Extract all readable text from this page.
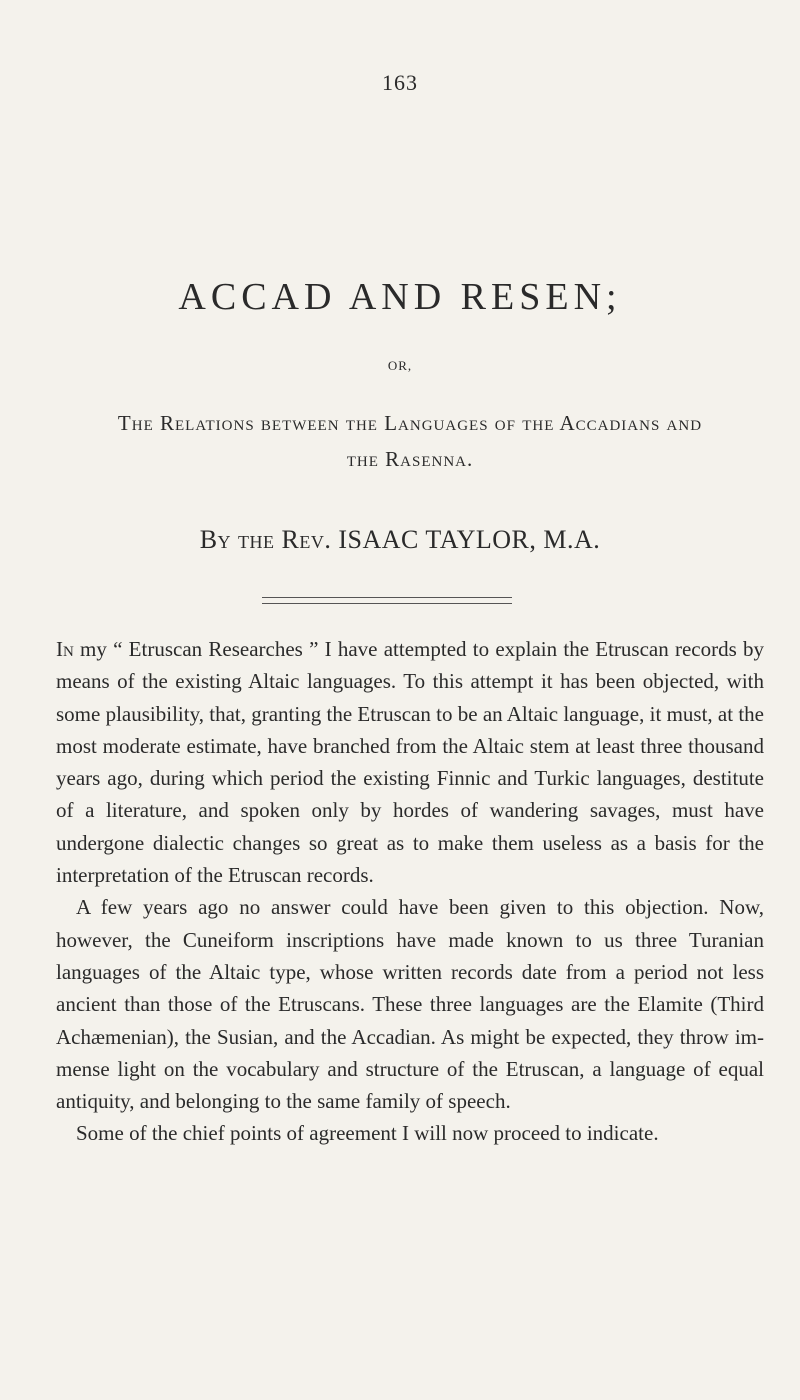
163
ACCAD AND RESEN;
OR,
The Relations between the Languages of the Accadians and
the Rasenna.
By the Rev. ISAAC TAYLOR, M.A.

In my “ Etruscan Researches ” I have attempted to explain the Etruscan records by means of the existing Altaic languages. To this attempt it has been objected, with some plausibility, that, granting the Etruscan to be an Altaic language, it must, at the most moderate estimate, have branched from the Altaic stem at least three thousand years ago, during which period the existing Finnic and Turkic languages, destitute of a literature, and spoken only by hordes of wandering savages, must have undergone dialectic changes so great as to make them useless as a basis for the interpretation of the Etruscan records.

A few years ago no answer could have been given to this objection. Now, however, the Cuneiform inscriptions have made known to us three Turanian languages of the Altaic type, whose written records date from a period not less ancient than those of the Etruscans. These three languages are the Elamite (Third Achæmenian), the Susian, and the Accadian. As might be expected, they throw immense light on the vocabulary and structure of the Etruscan, a language of equal antiquity, and belonging to the same family of speech.

Some of the chief points of agreement I will now proceed to indicate.
